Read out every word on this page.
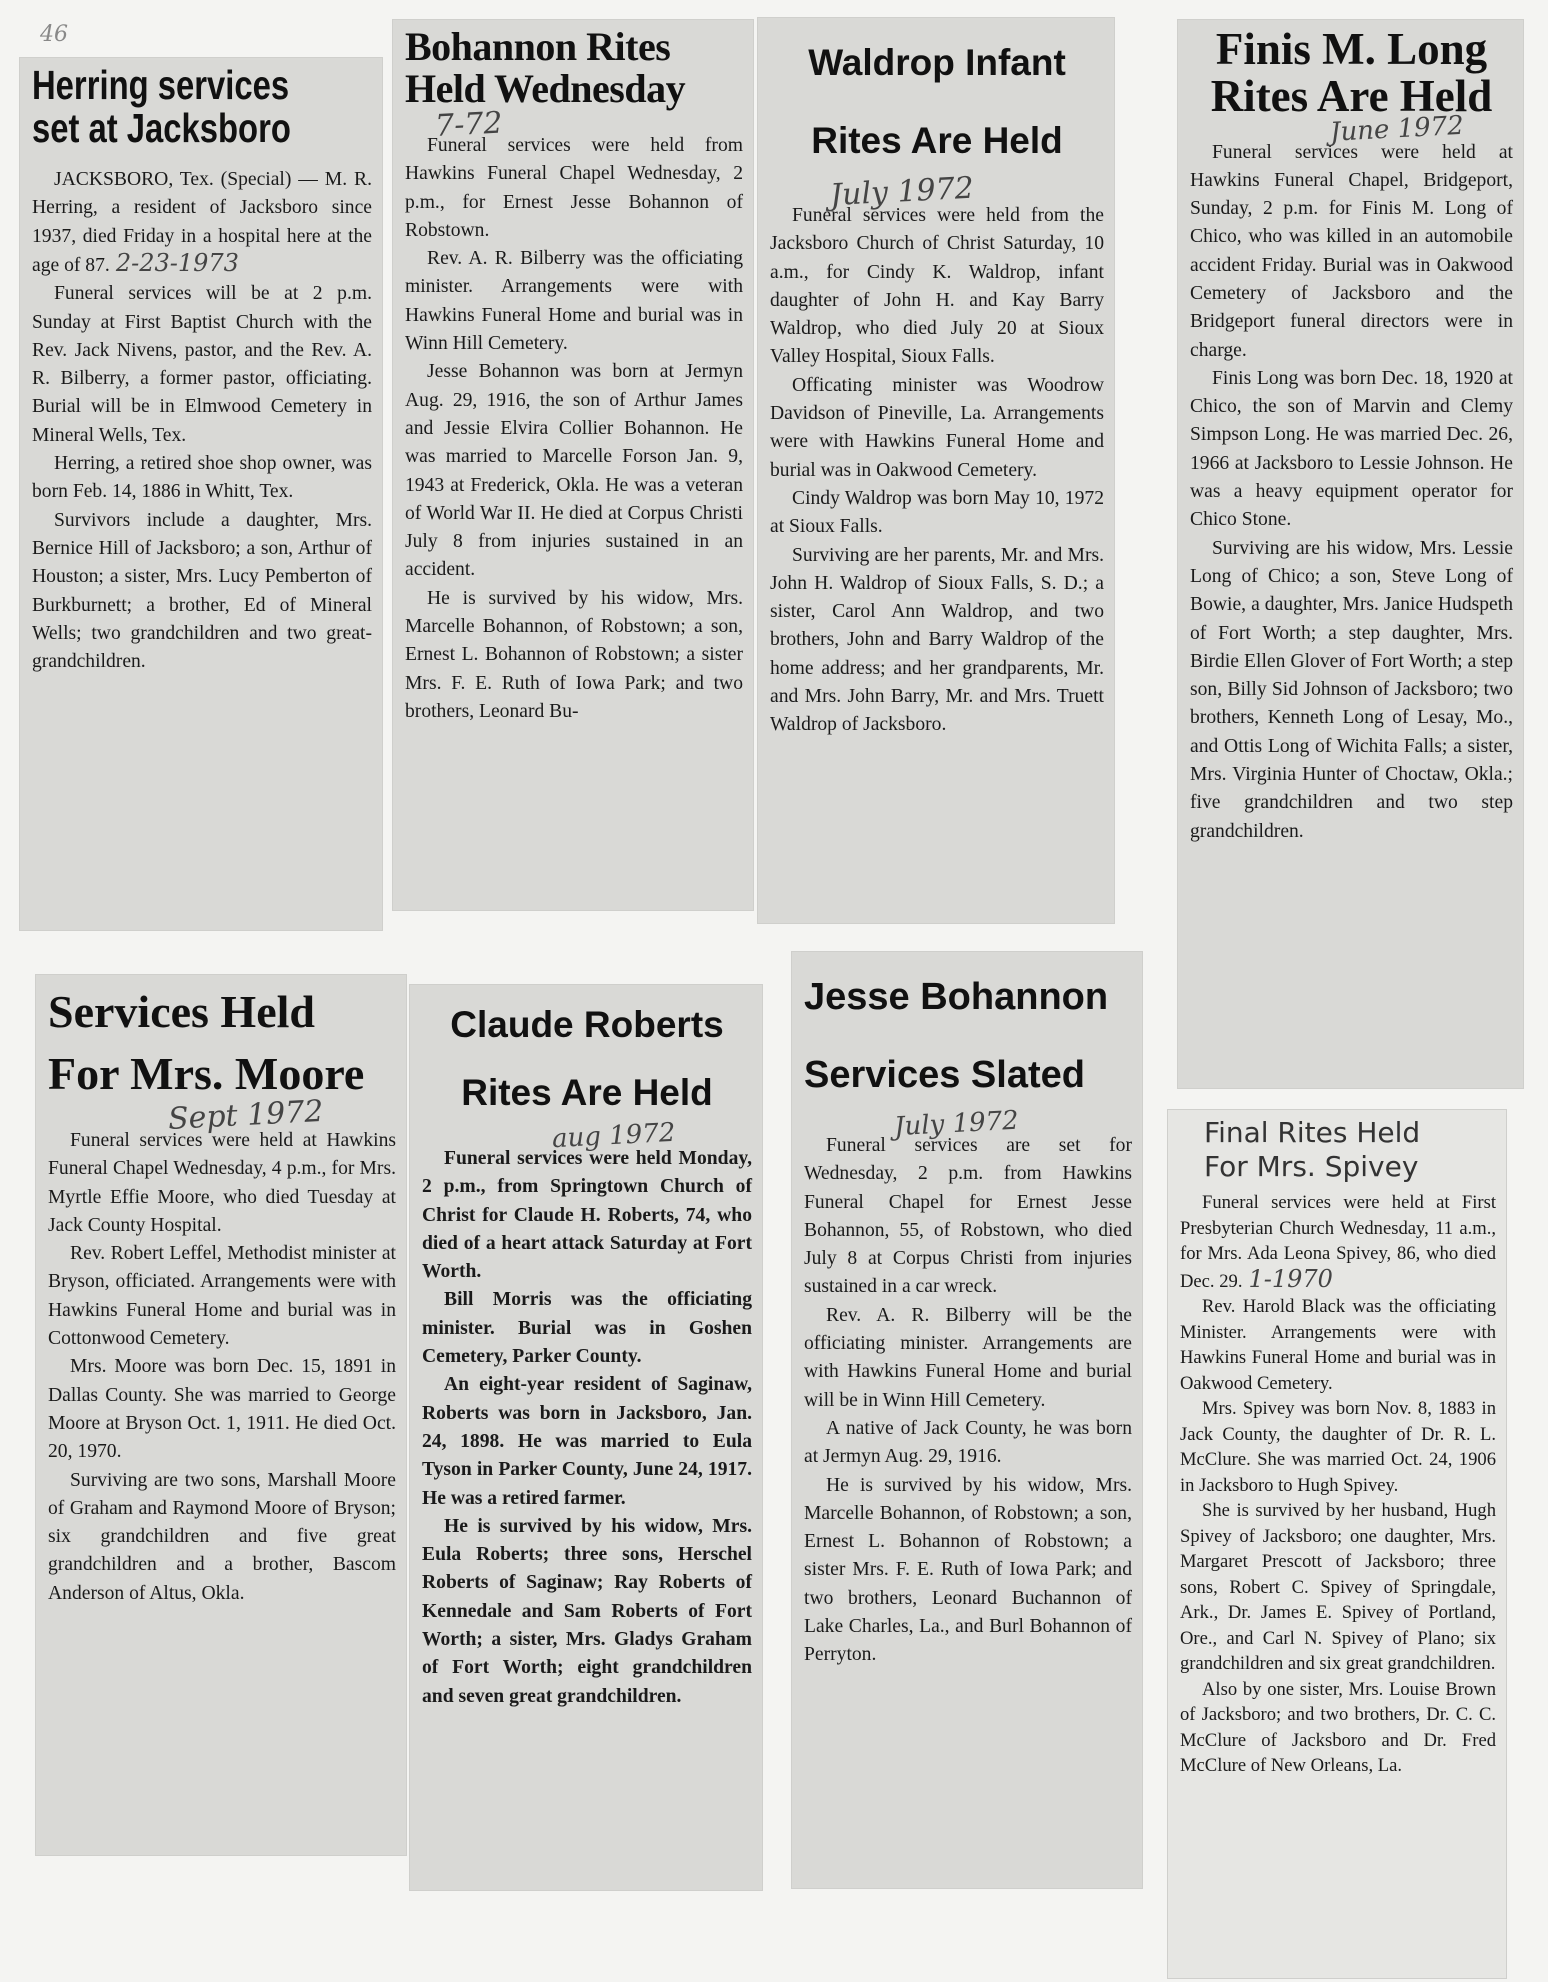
46
Herring services
set at Jacksboro

JACKSBORO, Tex. (Special) — M. R. Herring, a resident of Jacksboro since 1937, died Friday in a hospital here at the age of 87. 2-23-1973

Funeral services will be at 2 p.m. Sunday at First Baptist Church with the Rev. Jack Nivens, pastor, and the Rev. A. R. Bilberry, a former pastor, officiating. Burial will be in Elmwood Cemetery in Mineral Wells, Tex.

Herring, a retired shoe shop owner, was born Feb. 14, 1886 in Whitt, Tex.

Survivors include a daughter, Mrs. Bernice Hill of Jacksboro; a son, Arthur of Houston; a sister, Mrs. Lucy Pemberton of Burkburnett; a brother, Ed of Mineral Wells; two grandchildren and two great-grandchildren.

Bohannon Rites
Held Wednesday
7-72

Funeral services were held from Hawkins Funeral Chapel Wednesday, 2 p.m., for Ernest Jesse Bohannon of Robstown.

Rev. A. R. Bilberry was the officiating minister. Arrangements were with Hawkins Funeral Home and burial was in Winn Hill Cemetery.

Jesse Bohannon was born at Jermyn Aug. 29, 1916, the son of Arthur James and Jessie Elvira Collier Bohannon. He was married to Marcelle Forson Jan. 9, 1943 at Frederick, Okla. He was a veteran of World War II. He died at Corpus Christi July 8 from injuries sustained in an accident.

He is survived by his widow, Mrs. Marcelle Bohannon, of Robstown; a son, Ernest L. Bohannon of Robstown; a sister Mrs. F. E. Ruth of Iowa Park; and two brothers, Leonard Bu-

Waldrop Infant
Rites Are Held
July 1972

Funeral services were held from the Jacksboro Church of Christ Saturday, 10 a.m., for Cindy K. Waldrop, infant daughter of John H. and Kay Barry Waldrop, who died July 20 at Sioux Valley Hospital, Sioux Falls.

Officating minister was Woodrow Davidson of Pineville, La. Arrangements were with Hawkins Funeral Home and burial was in Oakwood Cemetery.

Cindy Waldrop was born May 10, 1972 at Sioux Falls.

Surviving are her parents, Mr. and Mrs. John H. Waldrop of Sioux Falls, S. D.; a sister, Carol Ann Waldrop, and two brothers, John and Barry Waldrop of the home address; and her grandparents, Mr. and Mrs. John Barry, Mr. and Mrs. Truett Waldrop of Jacksboro.

Finis M. Long
Rites Are Held
June 1972

Funeral services were held at Hawkins Funeral Chapel, Bridgeport, Sunday, 2 p.m. for Finis M. Long of Chico, who was killed in an automobile accident Friday. Burial was in Oakwood Cemetery of Jacksboro and the Bridgeport funeral directors were in charge.

Finis Long was born Dec. 18, 1920 at Chico, the son of Marvin and Clemy Simpson Long. He was married Dec. 26, 1966 at Jacksboro to Lessie Johnson. He was a heavy equipment operator for Chico Stone.

Surviving are his widow, Mrs. Lessie Long of Chico; a son, Steve Long of Bowie, a daughter, Mrs. Janice Hudspeth of Fort Worth; a step daughter, Mrs. Birdie Ellen Glover of Fort Worth; a step son, Billy Sid Johnson of Jacksboro; two brothers, Kenneth Long of Lesay, Mo., and Ottis Long of Wichita Falls; a sister, Mrs. Virginia Hunter of Choctaw, Okla.; five grandchildren and two step grandchildren.

Services Held
For Mrs. Moore
Sept 1972

Funeral services were held at Hawkins Funeral Chapel Wednesday, 4 p.m., for Mrs. Myrtle Effie Moore, who died Tuesday at Jack County Hospital.

Rev. Robert Leffel, Methodist minister at Bryson, officiated. Arrangements were with Hawkins Funeral Home and burial was in Cottonwood Cemetery.

Mrs. Moore was born Dec. 15, 1891 in Dallas County. She was married to George Moore at Bryson Oct. 1, 1911. He died Oct. 20, 1970.

Surviving are two sons, Marshall Moore of Graham and Raymond Moore of Bryson; six grandchildren and five great grandchildren and a brother, Bascom Anderson of Altus, Okla.

Claude Roberts
Rites Are Held
aug 1972

Funeral services were held Monday, 2 p.m., from Springtown Church of Christ for Claude H. Roberts, 74, who died of a heart attack Saturday at Fort Worth.

Bill Morris was the officiating minister. Burial was in Goshen Cemetery, Parker County.

An eight-year resident of Saginaw, Roberts was born in Jacksboro, Jan. 24, 1898. He was married to Eula Tyson in Parker County, June 24, 1917. He was a retired farmer.

He is survived by his widow, Mrs. Eula Roberts; three sons, Herschel Roberts of Saginaw; Ray Roberts of Kennedale and Sam Roberts of Fort Worth; a sister, Mrs. Gladys Graham of Fort Worth; eight grandchildren and seven great grandchildren.

Jesse Bohannon
Services Slated
July 1972

Funeral services are set for Wednesday, 2 p.m. from Hawkins Funeral Chapel for Ernest Jesse Bohannon, 55, of Robstown, who died July 8 at Corpus Christi from injuries sustained in a car wreck.

Rev. A. R. Bilberry will be the officiating minister. Arrangements are with Hawkins Funeral Home and burial will be in Winn Hill Cemetery.

A native of Jack County, he was born at Jermyn Aug. 29, 1916.

He is survived by his widow, Mrs. Marcelle Bohannon, of Robstown; a son, Ernest L. Bohannon of Robstown; a sister Mrs. F. E. Ruth of Iowa Park; and two brothers, Leonard Buchannon of Lake Charles, La., and Burl Bohannon of Perryton.

Final Rites Held
For Mrs. Spivey

Funeral services were held at First Presbyterian Church Wednesday, 11 a.m., for Mrs. Ada Leona Spivey, 86, who died Dec. 29. 1-1970

Rev. Harold Black was the officiating Minister. Arrangements were with Hawkins Funeral Home and burial was in Oakwood Cemetery.

Mrs. Spivey was born Nov. 8, 1883 in Jack County, the daughter of Dr. R. L. McClure. She was married Oct. 24, 1906 in Jacksboro to Hugh Spivey.

She is survived by her husband, Hugh Spivey of Jacksboro; one daughter, Mrs. Margaret Prescott of Jacksboro; three sons, Robert C. Spivey of Springdale, Ark., Dr. James E. Spivey of Portland, Ore., and Carl N. Spivey of Plano; six grandchildren and six great grandchildren.

Also by one sister, Mrs. Louise Brown of Jacksboro; and two brothers, Dr. C. C. McClure of Jacksboro and Dr. Fred McClure of New Orleans, La.
